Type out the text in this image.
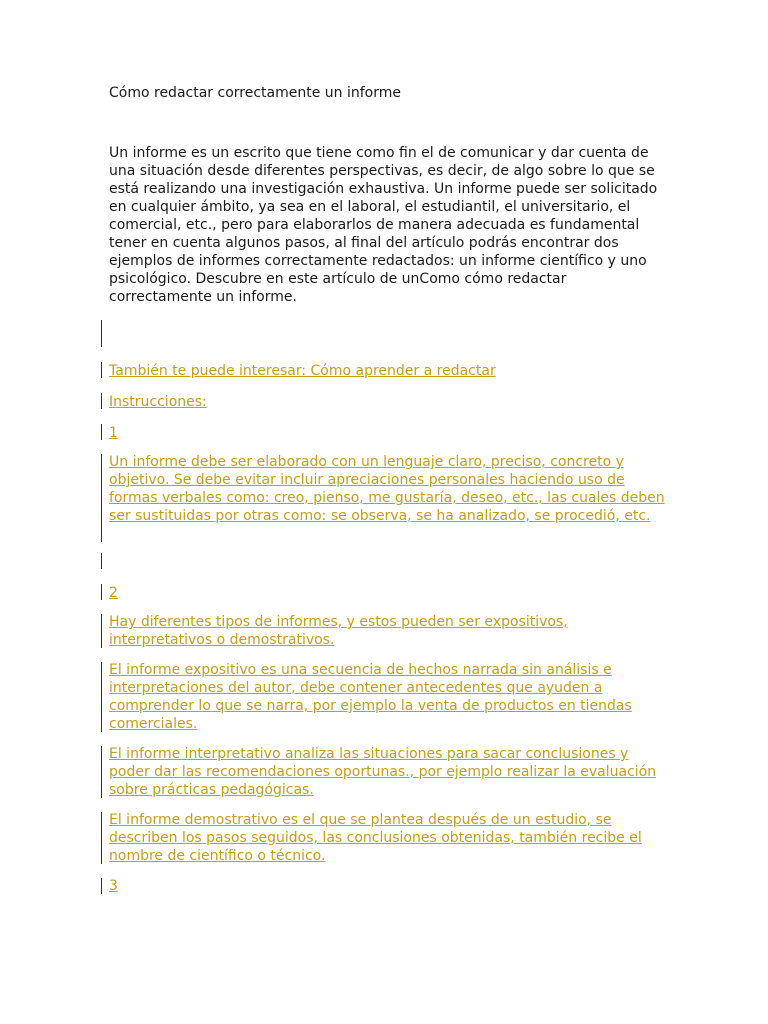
Cómo redactar correctamente un informe

Un informe es un escrito que tiene como fin el de comunicar y dar cuenta de una situación desde diferentes perspectivas, es decir, de algo sobre lo que se está realizando una investigación exhaustiva. Un informe puede ser solicitado en cualquier ámbito, ya sea en el laboral, el estudiantil, el universitario, el comercial, etc., pero para elaborarlos de manera adecuada es fundamental tener en cuenta algunos pasos, al final del artículo podrás encontrar dos ejemplos de informes correctamente redactados: un informe científico y uno psicológico. Descubre en este artículo de unComo cómo redactar correctamente un informe.

También te puede interesar: Cómo aprender a redactar

Instrucciones:

1

Un informe debe ser elaborado con un lenguaje claro, preciso, concreto y objetivo. Se debe evitar incluir apreciaciones personales haciendo uso de formas verbales como: creo, pienso, me gustaría, deseo, etc., las cuales deben ser sustituidas por otras como: se observa, se ha analizado, se procedió, etc.

2

Hay diferentes tipos de informes, y estos pueden ser expositivos, interpretativos o demostrativos.

El informe expositivo es una secuencia de hechos narrada sin análisis e interpretaciones del autor, debe contener antecedentes que ayuden a comprender lo que se narra, por ejemplo la venta de productos en tiendas comerciales.

El informe interpretativo analiza las situaciones para sacar conclusiones y poder dar las recomendaciones oportunas., por ejemplo realizar la evaluación sobre prácticas pedagógicas.

El informe demostrativo es el que se plantea después de un estudio, se describen los pasos seguidos, las conclusiones obtenidas, también recibe el nombre de científico o técnico.

3
